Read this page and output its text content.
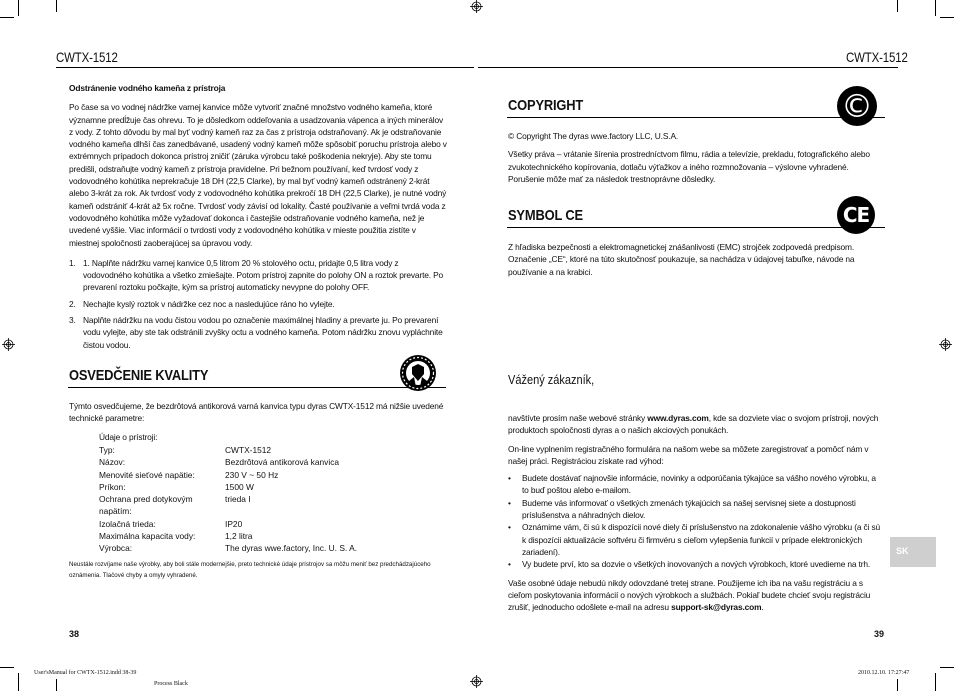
CWTX-1512	CWTX-1512
Odstránenie vodného kameňa z prístroja
Po čase sa vo vodnej nádržke varnej kanvice môže vytvoriť značné množstvo vodného kameňa, ktoré významne predĺžuje čas ohrevu. To je dôsledkom oddeľovania a usadzovania vápenca a iných minerálov z vody. Z tohto dôvodu by mal byť vodný kameň raz za čas z prístroja odstraňovaný. Ak je odstraňovanie vodného kameňa dlhší čas zanedbávané, usadený vodný kameň môže spôsobiť poruchu prístroja alebo v extrémnych prípadoch dokonca prístroj zničiť (záruka výrobcu také poškodenia nekryje). Aby ste tomu predišli, odstraňujte vodný kameň z prístroja pravidelne. Pri bežnom používaní, keď tvrdosť vody z vodovodného kohútika neprekračuje 18 DH (22,5 Clarke), by mal byť vodný kameň odstránený 2-krát alebo 3-krát za rok. Ak tvrdosť vody z vodovodného kohútika prekročí 18 DH (22,5 Clarke), je nutné vodný kameň odstrániť 4-krát až 5x ročne. Tvrdosť vody závisí od lokality. Časté používanie a veľmi tvrdá voda z vodovodného kohútika môže vyžadovať dokonca i častejšie odstraňovanie vodného kameňa, než je uvedené vyššie. Viac informácií o tvrdosti vody z vodovodného kohútika v mieste použitia zistíte v miestnej spoločnosti zaoberajúcej sa úpravou vody.
1. 1. Naplňte nádržku varnej kanvice 0,5 litrom 20 % stolového octu, pridajte 0,5 litra vody z vodovodného kohútika a všetko zmiešajte. Potom prístroj zapnite do polohy ON a roztok prevarte. Po prevarení roztoku počkajte, kým sa prístroj automaticky nevypne do polohy OFF.
2. Nechajte kyslý roztok v nádržke cez noc a nasledujúce ráno ho vylejte.
3. Naplňte nádržku na vodu čistou vodou po označenie maximálnej hladiny a prevarte ju. Po prevarení vodu vylejte, aby ste tak odstránili zvyšky octu a vodného kameňa. Potom nádržku znovu vypláchnite čistou vodou.
OSVEDČENIE KVALITY
Týmto osvedčujeme, že bezdrôtová antikorová varná kanvica typu dyras CWTX-1512 má nižšie uvedené technické parametre:
Údaje o prístroji:
Typ:	CWTX-1512
Názov:	Bezdrôtová antikorová kanvica
Menovité sieťové napätie:	230 V ~ 50 Hz
Príkon:	1500 W
Ochrana pred dotykovým napätím:	trieda I
Izolačná trieda:	IP20
Maximálna kapacita vody:	1,2 litra
Výrobca:	The dyras wwe.factory, Inc. U. S. A.
Neustále rozvíjame naše výrobky, aby boli stále modernejšie, preto technické údaje prístrojov sa môžu meniť bez predchádzajúceho
oznámenia. Tlačové chyby a omyly vyhradené.
38
COPYRIGHT	©
© Copyright The dyras wwe.factory LLC, U.S.A.
Všetky práva – vrátanie šírenia prostredníctvom filmu, rádia a televízie, prekladu, fotografického alebo zvukotechnického kopírovania, dotlaču výťažkov a iného rozmnožovania – výslovne vyhradené. Porušenie môže mať za následok trestnoprávne dôsledky.
SYMBOL CE	CE
Z hľadiska bezpečnosti a elektromagnetickej znášanlivosti (EMC) strojček zodpovedá predpisom. Označenie „CE“, ktoré na túto skutočnosť poukazuje, sa nachádza v údajovej tabuľke, návode na používanie a na krabici.
Vážený zákazník,
navštívte prosím naše webové stránky www.dyras.com, kde sa dozviete viac o svojom prístroji, nových produktoch spoločnosti dyras a o našich akciových ponukách.
On-line vyplnením registračného formulára na našom webe sa môžete zaregistrovať a pomôcť nám v našej práci. Registráciou získate rad výhod:
• Budete dostávať najnovšie informácie, novinky a odporúčania týkajúce sa vášho nového výrobku, a to buď poštou alebo e-mailom.
• Budeme vás informovať o všetkých zmenách týkajúcich sa našej servisnej siete a dostupnosti príslušenstva a náhradných dielov.
• Oznámime vám, či sú k dispozícii nové diely či príslušenstvo na zdokonalenie vášho výrobku (a či sú k dispozícii aktualizácie softvéru či firmvéru s cieľom vylepšenia funkcií v prípade elektronických zariadení).
• Vy budete prví, kto sa dozvie o všetkých inovovaných a nových výrobkoch, ktoré uvedieme na trh.
Vaše osobné údaje nebudú nikdy odovzdané tretej strane. Použijeme ich iba na vašu registráciu a s cieľom poskytovania informácií o nových výrobkoch a službách. Pokiaľ budete chcieť svoju registráciu zrušiť, jednoducho odošlete e-mail na adresu support-sk@dyras.com.
SK
39
User'sManual for CWTX-1512.indd 38-39
Process Black
2010.12.10. 17:27:47
